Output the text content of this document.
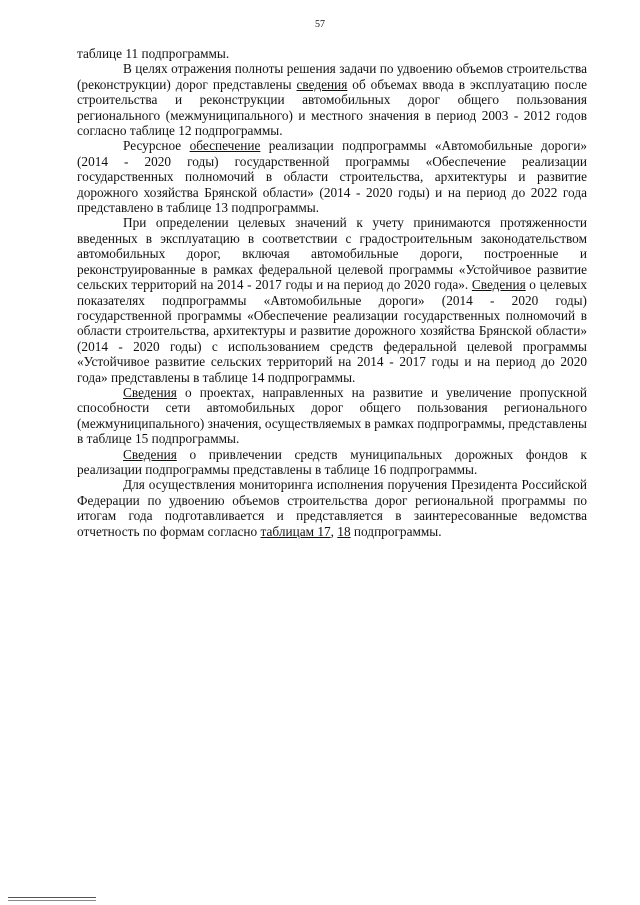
57

таблице 11 подпрограммы.

В целях отражения полноты решения задачи по удвоению объемов строительства (реконструкции) дорог представлены сведения об объемах ввода в эксплуатацию после строительства и реконструкции автомобильных дорог общего пользования регионального (межмуниципального) и местного значения в период 2003 - 2012 годов согласно таблице 12 подпрограммы.

Ресурсное обеспечение реализации подпрограммы «Автомобильные дороги» (2014 - 2020 годы) государственной программы «Обеспечение реализации государственных полномочий в области строительства, архитектуры и развитие дорожного хозяйства Брянской области» (2014 - 2020 годы) и на период до 2022 года представлено в таблице 13 подпрограммы.

При определении целевых значений к учету принимаются протяженности введенных в эксплуатацию в соответствии с градостроительным законодательством автомобильных дорог, включая автомобильные дороги, построенные и реконструированные в рамках федеральной целевой программы «Устойчивое развитие сельских территорий на 2014 - 2017 годы и на период до 2020 года». Сведения о целевых показателях подпрограммы «Автомобильные дороги» (2014 - 2020 годы) государственной программы «Обеспечение реализации государственных полномочий в области строительства, архитектуры и развитие дорожного хозяйства Брянской области» (2014 - 2020 годы) с использованием средств федеральной целевой программы «Устойчивое развитие сельских территорий на 2014 - 2017 годы и на период до 2020 года» представлены в таблице 14 подпрограммы.

Сведения о проектах, направленных на развитие и увеличение пропускной способности сети автомобильных дорог общего пользования регионального (межмуниципального) значения, осуществляемых в рамках подпрограммы, представлены в таблице 15 подпрограммы.

Сведения о привлечении средств муниципальных дорожных фондов к реализации подпрограммы представлены в таблице 16 подпрограммы.

Для осуществления мониторинга исполнения поручения Президента Российской Федерации по удвоению объемов строительства дорог региональной программы по итогам года подготавливается и представляется в заинтересованные ведомства отчетность по формам согласно таблицам 17, 18 подпрограммы.
